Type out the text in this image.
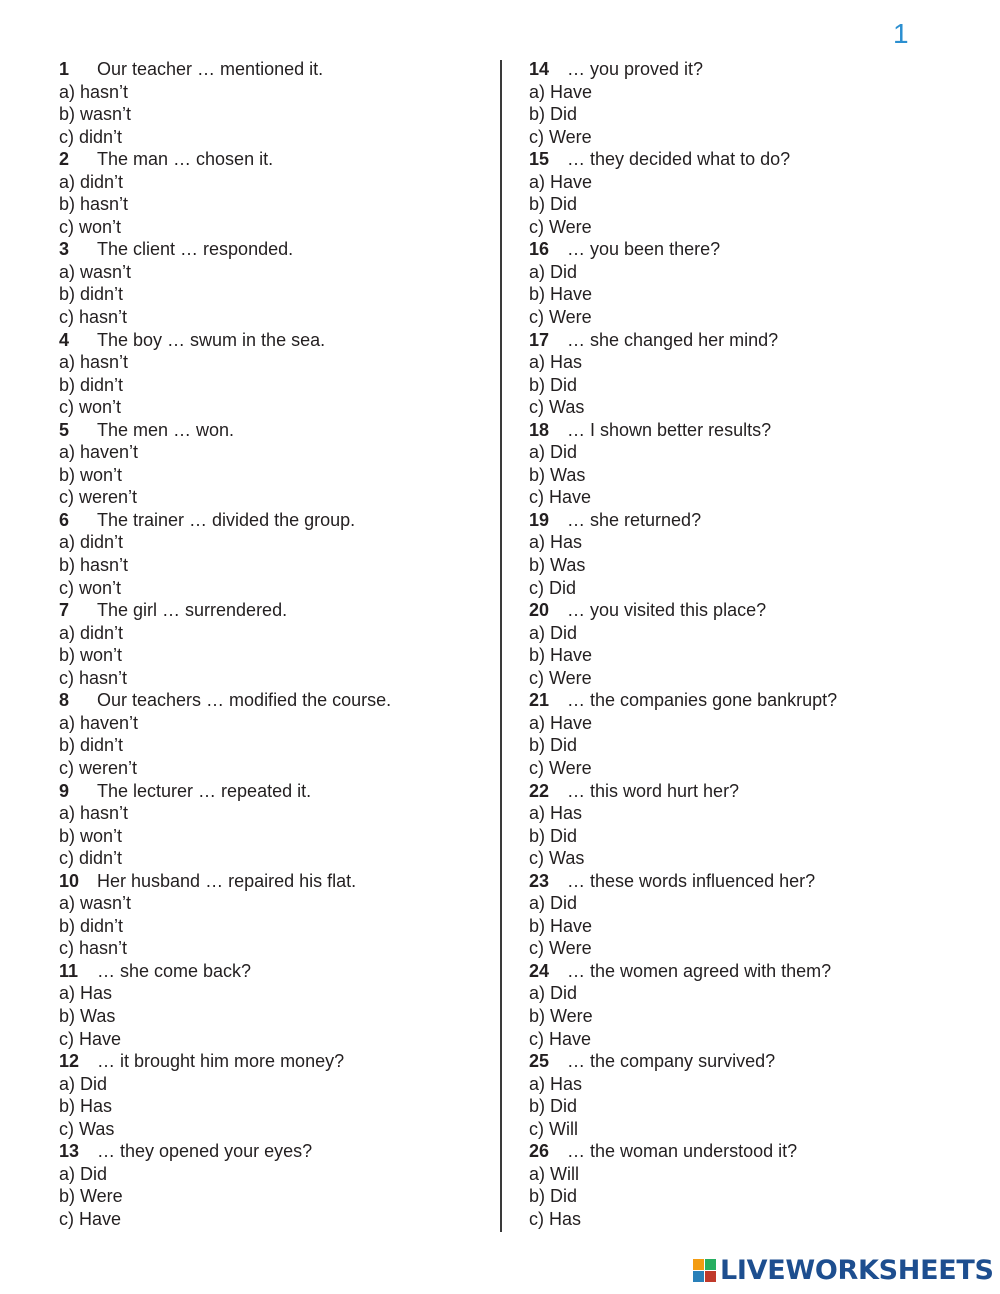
1
1 Our teacher … mentioned it.
a) hasn’t
b) wasn’t
c) didn’t
2 The man … chosen it.
a) didn’t
b) hasn’t
c) won’t
3 The client … responded.
a) wasn’t
b) didn’t
c) hasn’t
4 The boy … swum in the sea.
a) hasn’t
b) didn’t
c) won’t
5 The men … won.
a) haven’t
b) won’t
c) weren’t
6 The trainer … divided the group.
a) didn’t
b) hasn’t
c) won’t
7 The girl … surrendered.
a) didn’t
b) won’t
c) hasn’t
8 Our teachers … modified the course.
a) haven’t
b) didn’t
c) weren’t
9 The lecturer … repeated it.
a) hasn’t
b) won’t
c) didn’t
10 Her husband … repaired his flat.
a) wasn’t
b) didn’t
c) hasn’t
11 … she come back?
a) Has
b) Was
c) Have
12 … it brought him more money?
a) Did
b) Has
c) Was
13 … they opened your eyes?
a) Did
b) Were
c) Have
14 … you proved it?
a) Have
b) Did
c) Were
15 … they decided what to do?
a) Have
b) Did
c) Were
16 … you been there?
a) Did
b) Have
c) Were
17 … she changed her mind?
a) Has
b) Did
c) Was
18 … I shown better results?
a) Did
b) Was
c) Have
19 … she returned?
a) Has
b) Was
c) Did
20 … you visited this place?
a) Did
b) Have
c) Were
21 … the companies gone bankrupt?
a) Have
b) Did
c) Were
22 … this word hurt her?
a) Has
b) Did
c) Was
23 … these words influenced her?
a) Did
b) Have
c) Were
24 … the women agreed with them?
a) Did
b) Were
c) Have
25 … the company survived?
a) Has
b) Did
c) Will
26 … the woman understood it?
a) Will
b) Did
c) Has
LIVEWORKSHEETS
